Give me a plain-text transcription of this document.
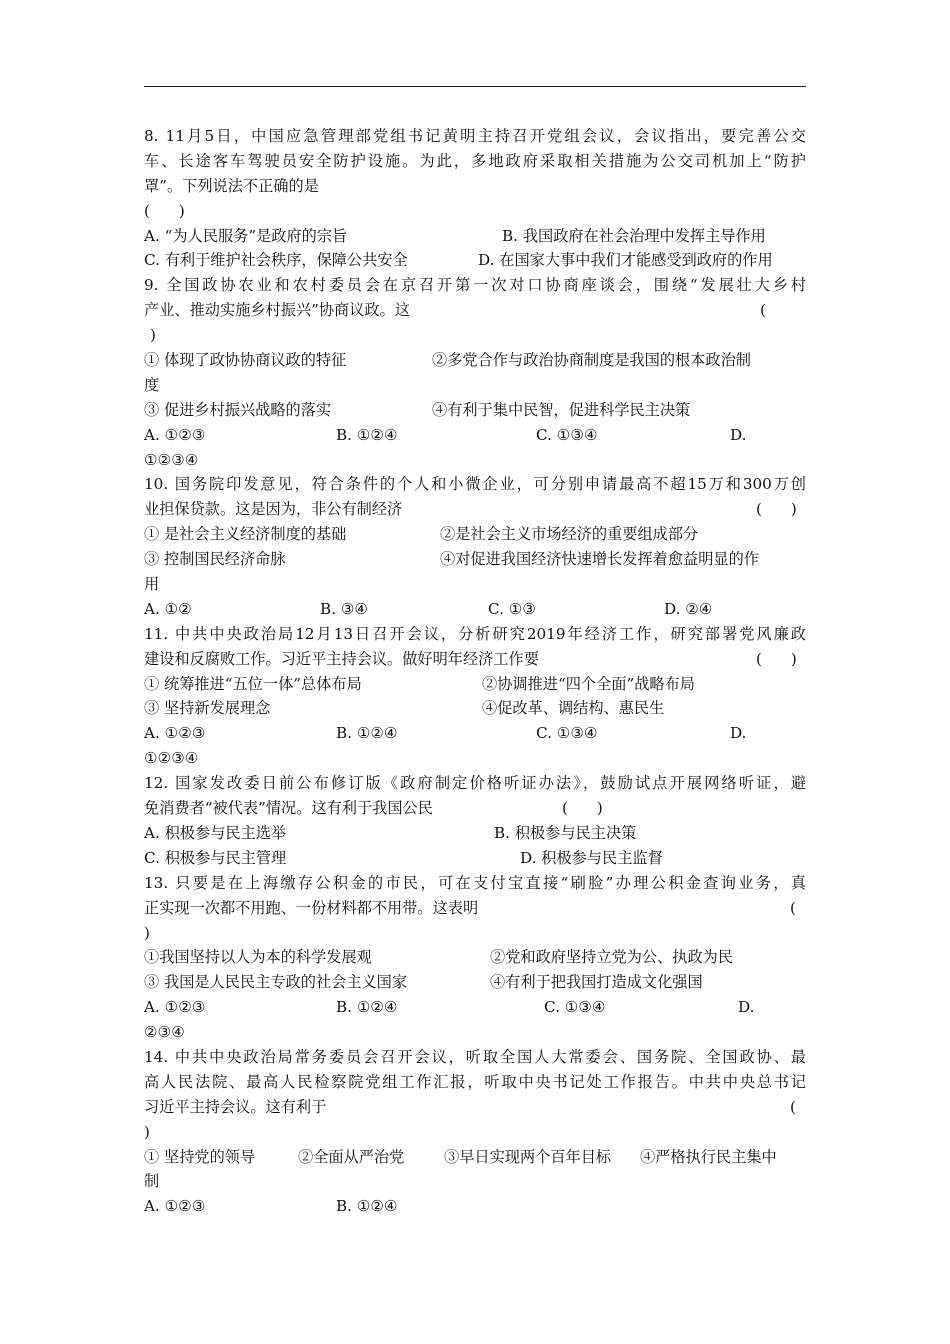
8. 11月5日，中国应急管理部党组书记黄明主持召开党组会议，会议指出，要完善公交
车、长途客车驾驶员安全防护设施。为此，多地政府采取相关措施为公交司机加上“防护
罩”。下列说法不正确的是
(      )

A. “为人民服务”是政府的宗旨

	B. 我国政府在社会治理中发挥主导作用

C. 有利于维护社会秩序，保障公共安全

	D. 在国家大事中我们才能感受到政府的作用

9. 全国政协农业和农村委员会在京召开第一次对口协商座谈会，围绕“发展壮大乡村

产业、推动实施乡村振兴”协商议政。这

	(

)

① 体现了政协协商议政的特征

	②多党合作与政治协商制度是我国的根本政治制

度

③ 促进乡村振兴战略的落实

	④有利于集中民智，促进科学民主决策

A. ①②③

	B. ①②④

	C. ①③④

	D.

①②③④
10. 国务院印发意见，符合条件的个人和小微企业，可分别申请最高不超15万和300万创

业担保贷款。这是因为，非公有制经济

	(      )

① 是社会主义经济制度的基础

	②是社会主义市场经济的重要组成部分

③ 控制国民经济命脉

	④对促进我国经济快速增长发挥着愈益明显的作

用

A. ①②

	B. ③④

	C. ①③

	D. ②④

11. 中共中央政治局12月13日召开会议，分析研究2019年经济工作，研究部署党风廉政

建设和反腐败工作。习近平主持会议。做好明年经济工作要

	(      )

① 统筹推进“五位一体”总体布局

	②协调推进“四个全面”战略布局

③ 坚持新发展理念

	④促改革、调结构、惠民生

A. ①②③

	B. ①②④

	C. ①③④

	D.

①②③④
12. 国家发改委日前公布修订版《政府制定价格听证办法》，鼓励试点开展网络听证，避

免消费者“被代表”情况。这有利于我国公民

	(      )

A. 积极参与民主选举

	B. 积极参与民主决策

C. 积极参与民主管理

	D. 积极参与民主监督

13. 只要是在上海缴存公积金的市民，可在支付宝直接“刷脸”办理公积金查询业务，真

正实现一次都不用跑、一份材料都不用带。这表明

	(

)

①我国坚持以人为本的科学发展观

	②党和政府坚持立党为公、执政为民

③ 我国是人民民主专政的社会主义国家

	④有利于把我国打造成文化强国

A. ①②③

	B. ①②④

	C. ①③④

	D.

②③④
14. 中共中央政治局常务委员会召开会议，听取全国人大常委会、国务院、全国政协、最
高人民法院、最高人民检察院党组工作汇报，听取中央书记处工作报告。中共中央总书记

习近平主持会议。这有利于

	(

)

① 坚持党的领导

	②全面从严治党

	③早日实现两个百年目标

④严格执行民主集中

制

A. ①②③

	B. ①②④
